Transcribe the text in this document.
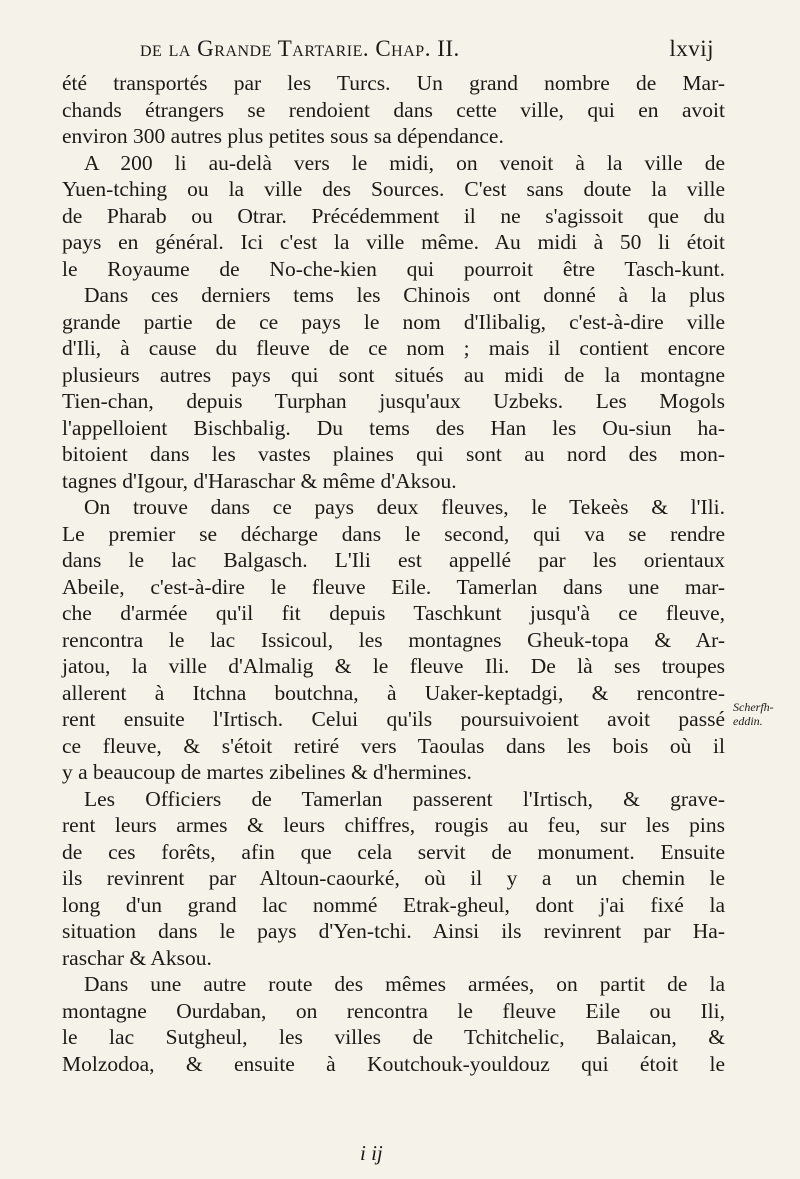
de la Grande Tartarie. Chap. II.	lxvij
été transportés par les Turcs. Un grand nombre de Mar-
chands étrangers se rendoient dans cette ville, qui en avoit
environ 300 autres plus petites sous sa dépendance.
A 200 li au-delà vers le midi, on venoit à la ville de
Yuen-tching ou la ville des Sources. C'est sans doute la ville
de Pharab ou Otrar. Précédemment il ne s'agissoit que du
pays en général. Ici c'est la ville même. Au midi à 50 li étoit
le Royaume de No-che-kien qui pourroit être Tasch-kunt.
Dans ces derniers tems les Chinois ont donné à la plus
grande partie de ce pays le nom d'Ilibalig, c'est-à-dire ville
d'Ili, à cause du fleuve de ce nom ; mais il contient encore
plusieurs autres pays qui sont situés au midi de la montagne
Tien-chan, depuis Turphan jusqu'aux Uzbeks. Les Mogols
l'appelloient Bischbalig. Du tems des Han les Ou-siun ha-
bitoient dans les vastes plaines qui sont au nord des mon-
tagnes d'Igour, d'Haraschar & même d'Aksou.
On trouve dans ce pays deux fleuves, le Tekeès & l'Ili.
Le premier se décharge dans le second, qui va se rendre
dans le lac Balgasch. L'Ili est appellé par les orientaux
Abeile, c'est-à-dire le fleuve Eile. Tamerlan dans une mar-
che d'armée qu'il fit depuis Taschkunt jusqu'à ce fleuve,
rencontra le lac Issicoul, les montagnes Gheuk-topa & Ar-
jatou, la ville d'Almalig & le fleuve Ili. De là ses troupes
allerent à Itchna boutchna, à Uaker-keptadgi, & rencontre-
rent ensuite l'Irtisch. Celui qu'ils poursuivoient avoit passé
ce fleuve, & s'étoit retiré vers Taoulas dans les bois où il
y a beaucoup de martes zibelines & d'hermines.
Les Officiers de Tamerlan passerent l'Irtisch, & grave-
rent leurs armes & leurs chiffres, rougis au feu, sur les pins
de ces forêts, afin que cela servit de monument. Ensuite
ils revinrent par Altoun-caourké, où il y a un chemin le
long d'un grand lac nommé Etrak-gheul, dont j'ai fixé la
situation dans le pays d'Yen-tchi. Ainsi ils revinrent par Ha-
raschar & Aksou.
Dans une autre route des mêmes armées, on partit de la
montagne Ourdaban, on rencontra le fleuve Eile ou Ili,
le lac Sutgheul, les villes de Tchitchelic, Balaican, &
Molzodoa, & ensuite à Koutchouk-youldouz qui étoit le
Scherfh-
eddin.
i ij
